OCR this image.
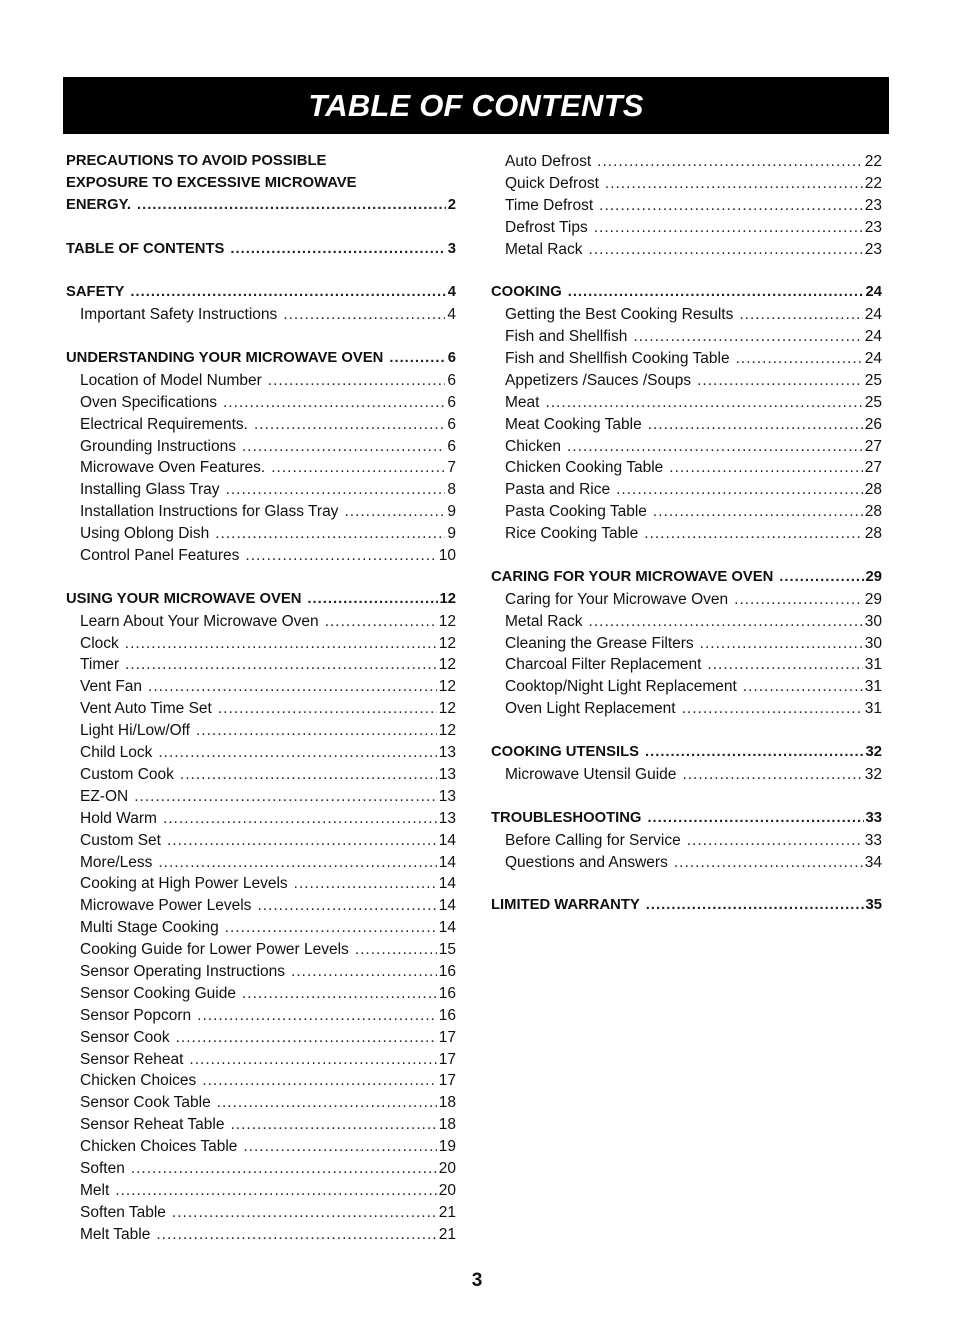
TABLE OF CONTENTS
PRECAUTIONS TO AVOID POSSIBLE
EXPOSURE TO EXCESSIVE MICROWAVE
ENERGY. .....	2
TABLE OF CONTENTS .....	3
SAFETY .....	4
Important Safety Instructions .....	4
UNDERSTANDING YOUR MICROWAVE OVEN .....	6
Location of Model Number .....	6
Oven Specifications .....	6
Electrical Requirements. .....	6
Grounding Instructions .....	6
Microwave Oven Features. .....	7
Installing Glass Tray .....	8
Installation Instructions for Glass Tray .....	9
Using Oblong Dish .....	9
Control Panel Features .....	10
USING YOUR MICROWAVE OVEN .....	12
Learn About Your Microwave Oven .....	12
Clock .....	12
Timer .....	12
Vent Fan .....	12
Vent Auto Time Set .....	12
Light Hi/Low/Off .....	12
Child Lock .....	13
Custom Cook .....	13
EZ-ON .....	13
Hold Warm .....	13
Custom Set .....	14
More/Less .....	14
Cooking at High Power Levels .....	14
Microwave Power Levels .....	14
Multi Stage Cooking .....	14
Cooking Guide for Lower Power Levels .....	15
Sensor Operating Instructions .....	16
Sensor Cooking Guide .....	16
Sensor Popcorn .....	16
Sensor Cook .....	17
Sensor Reheat .....	17
Chicken Choices .....	17
Sensor Cook Table .....	18
Sensor Reheat Table .....	18
Chicken Choices Table .....	19
Soften .....	20
Melt .....	20
Soften Table .....	21
Melt Table .....	21
Auto Defrost .....	22
Quick Defrost .....	22
Time Defrost .....	23
Defrost Tips .....	23
Metal Rack .....	23
COOKING .....	24
Getting the Best Cooking Results .....	24
Fish and Shellfish .....	24
Fish and Shellfish Cooking Table .....	24
Appetizers /Sauces /Soups .....	25
Meat .....	25
Meat Cooking Table .....	26
Chicken .....	27
Chicken Cooking Table .....	27
Pasta and Rice .....	28
Pasta Cooking Table .....	28
Rice Cooking Table .....	28
CARING FOR YOUR MICROWAVE OVEN .....	29
Caring for Your Microwave Oven .....	29
Metal Rack .....	30
Cleaning the Grease Filters .....	30
Charcoal Filter Replacement .....	31
Cooktop/Night Light Replacement .....	31
Oven Light Replacement .....	31
COOKING UTENSILS .....	32
Microwave Utensil Guide .....	32
TROUBLESHOOTING .....	33
Before Calling for Service .....	33
Questions and Answers .....	34
LIMITED WARRANTY .....	35
3
